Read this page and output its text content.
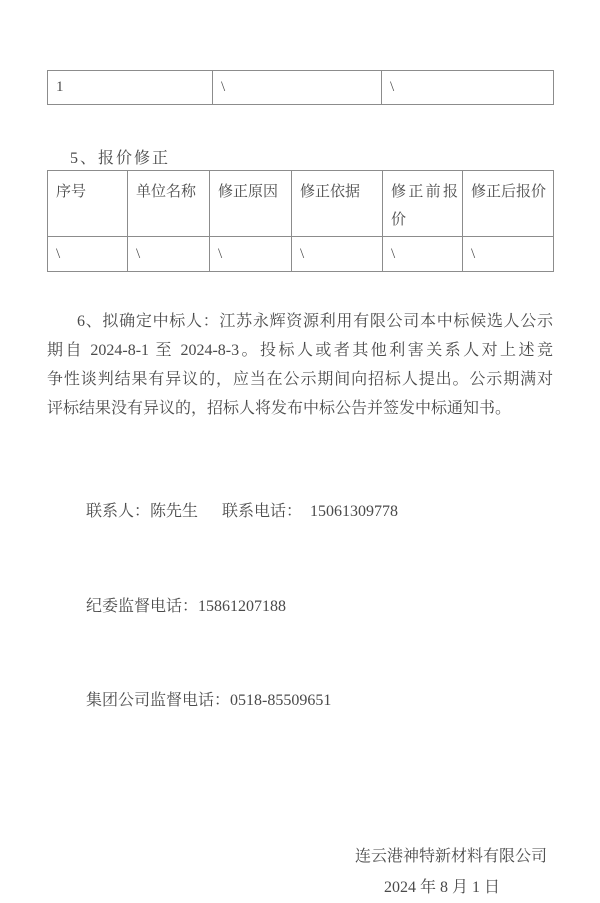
1	\	\
5、报价修正
序号	单位名称	修正原因	修正依据	修正前报价	修正后报价
\	\	\	\	\	\
6、拟确定中标人：江苏永辉资源利用有限公司本中标候选人公示
期自 2024-8-1 至 2024-8-3。投标人或者其他利害关系人对上述竞
争性谈判结果有异议的，应当在公示期间向招标人提出。公示期满对
评标结果没有异议的，招标人将发布中标公告并签发中标通知书。

联系人：陈先生      联系电话：  15061309778

纪委监督电话：15861207188

集团公司监督电话：0518-85509651

连云港神特新材料有限公司
2024 年 8 月 1 日
